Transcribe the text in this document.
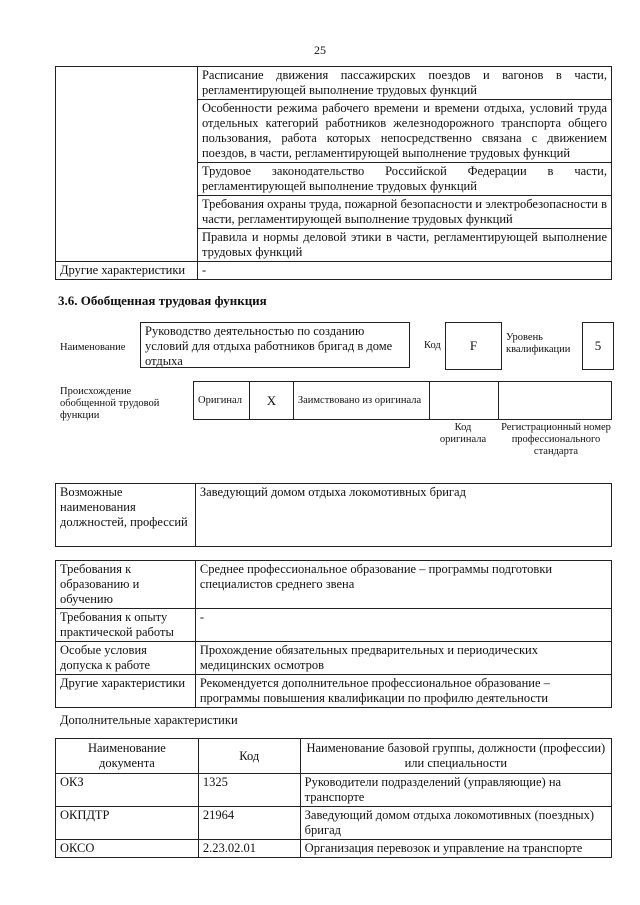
25
	Расписание движения пассажирских поездов и вагонов в части, регламентирующей выполнение трудовых функций
	Особенности режима рабочего времени и времени отдыха, условий труда отдельных категорий работников железнодорожного транспорта общего пользования, работа которых непосредственно связана с движением поездов, в части, регламентирующей выполнение трудовых функций
	Трудовое законодательство Российской Федерации в части, регламентирующей выполнение трудовых функций
	Требования охраны труда, пожарной безопасности и электробезопасности в части, регламентирующей выполнение трудовых функций
	Правила и нормы деловой этики в части, регламентирующей выполнение трудовых функций
Другие характеристики	-
3.6. Обобщенная трудовая функция
Наименование
Руководство деятельностью по созданию условий для отдыха работников бригад в доме отдыха
Код	F
Уровень квалификации	5
Происхождение обобщенной трудовой функции
Оригинал	X	Заимствовано из оригинала		
Код оригинала
Регистрационный номер профессионального стандарта
Возможные наименования должностей, профессий	Заведующий домом отдыха локомотивных бригад
Требования к образованию и обучению	Среднее профессиональное образование – программы подготовки специалистов среднего звена
Требования к опыту практической работы	-
Особые условия допуска к работе	Прохождение обязательных предварительных и периодических медицинских осмотров
Другие характеристики	Рекомендуется дополнительное профессиональное образование – программы повышения квалификации по профилю деятельности
Дополнительные характеристики
Наименование документа	Код	Наименование базовой группы, должности (профессии) или специальности
ОКЗ	1325	Руководители подразделений (управляющие) на транспорте
ОКПДТР	21964	Заведующий домом отдыха локомотивных (поездных) бригад
ОКСО	2.23.02.01	Организация перевозок и управление на транспорте
